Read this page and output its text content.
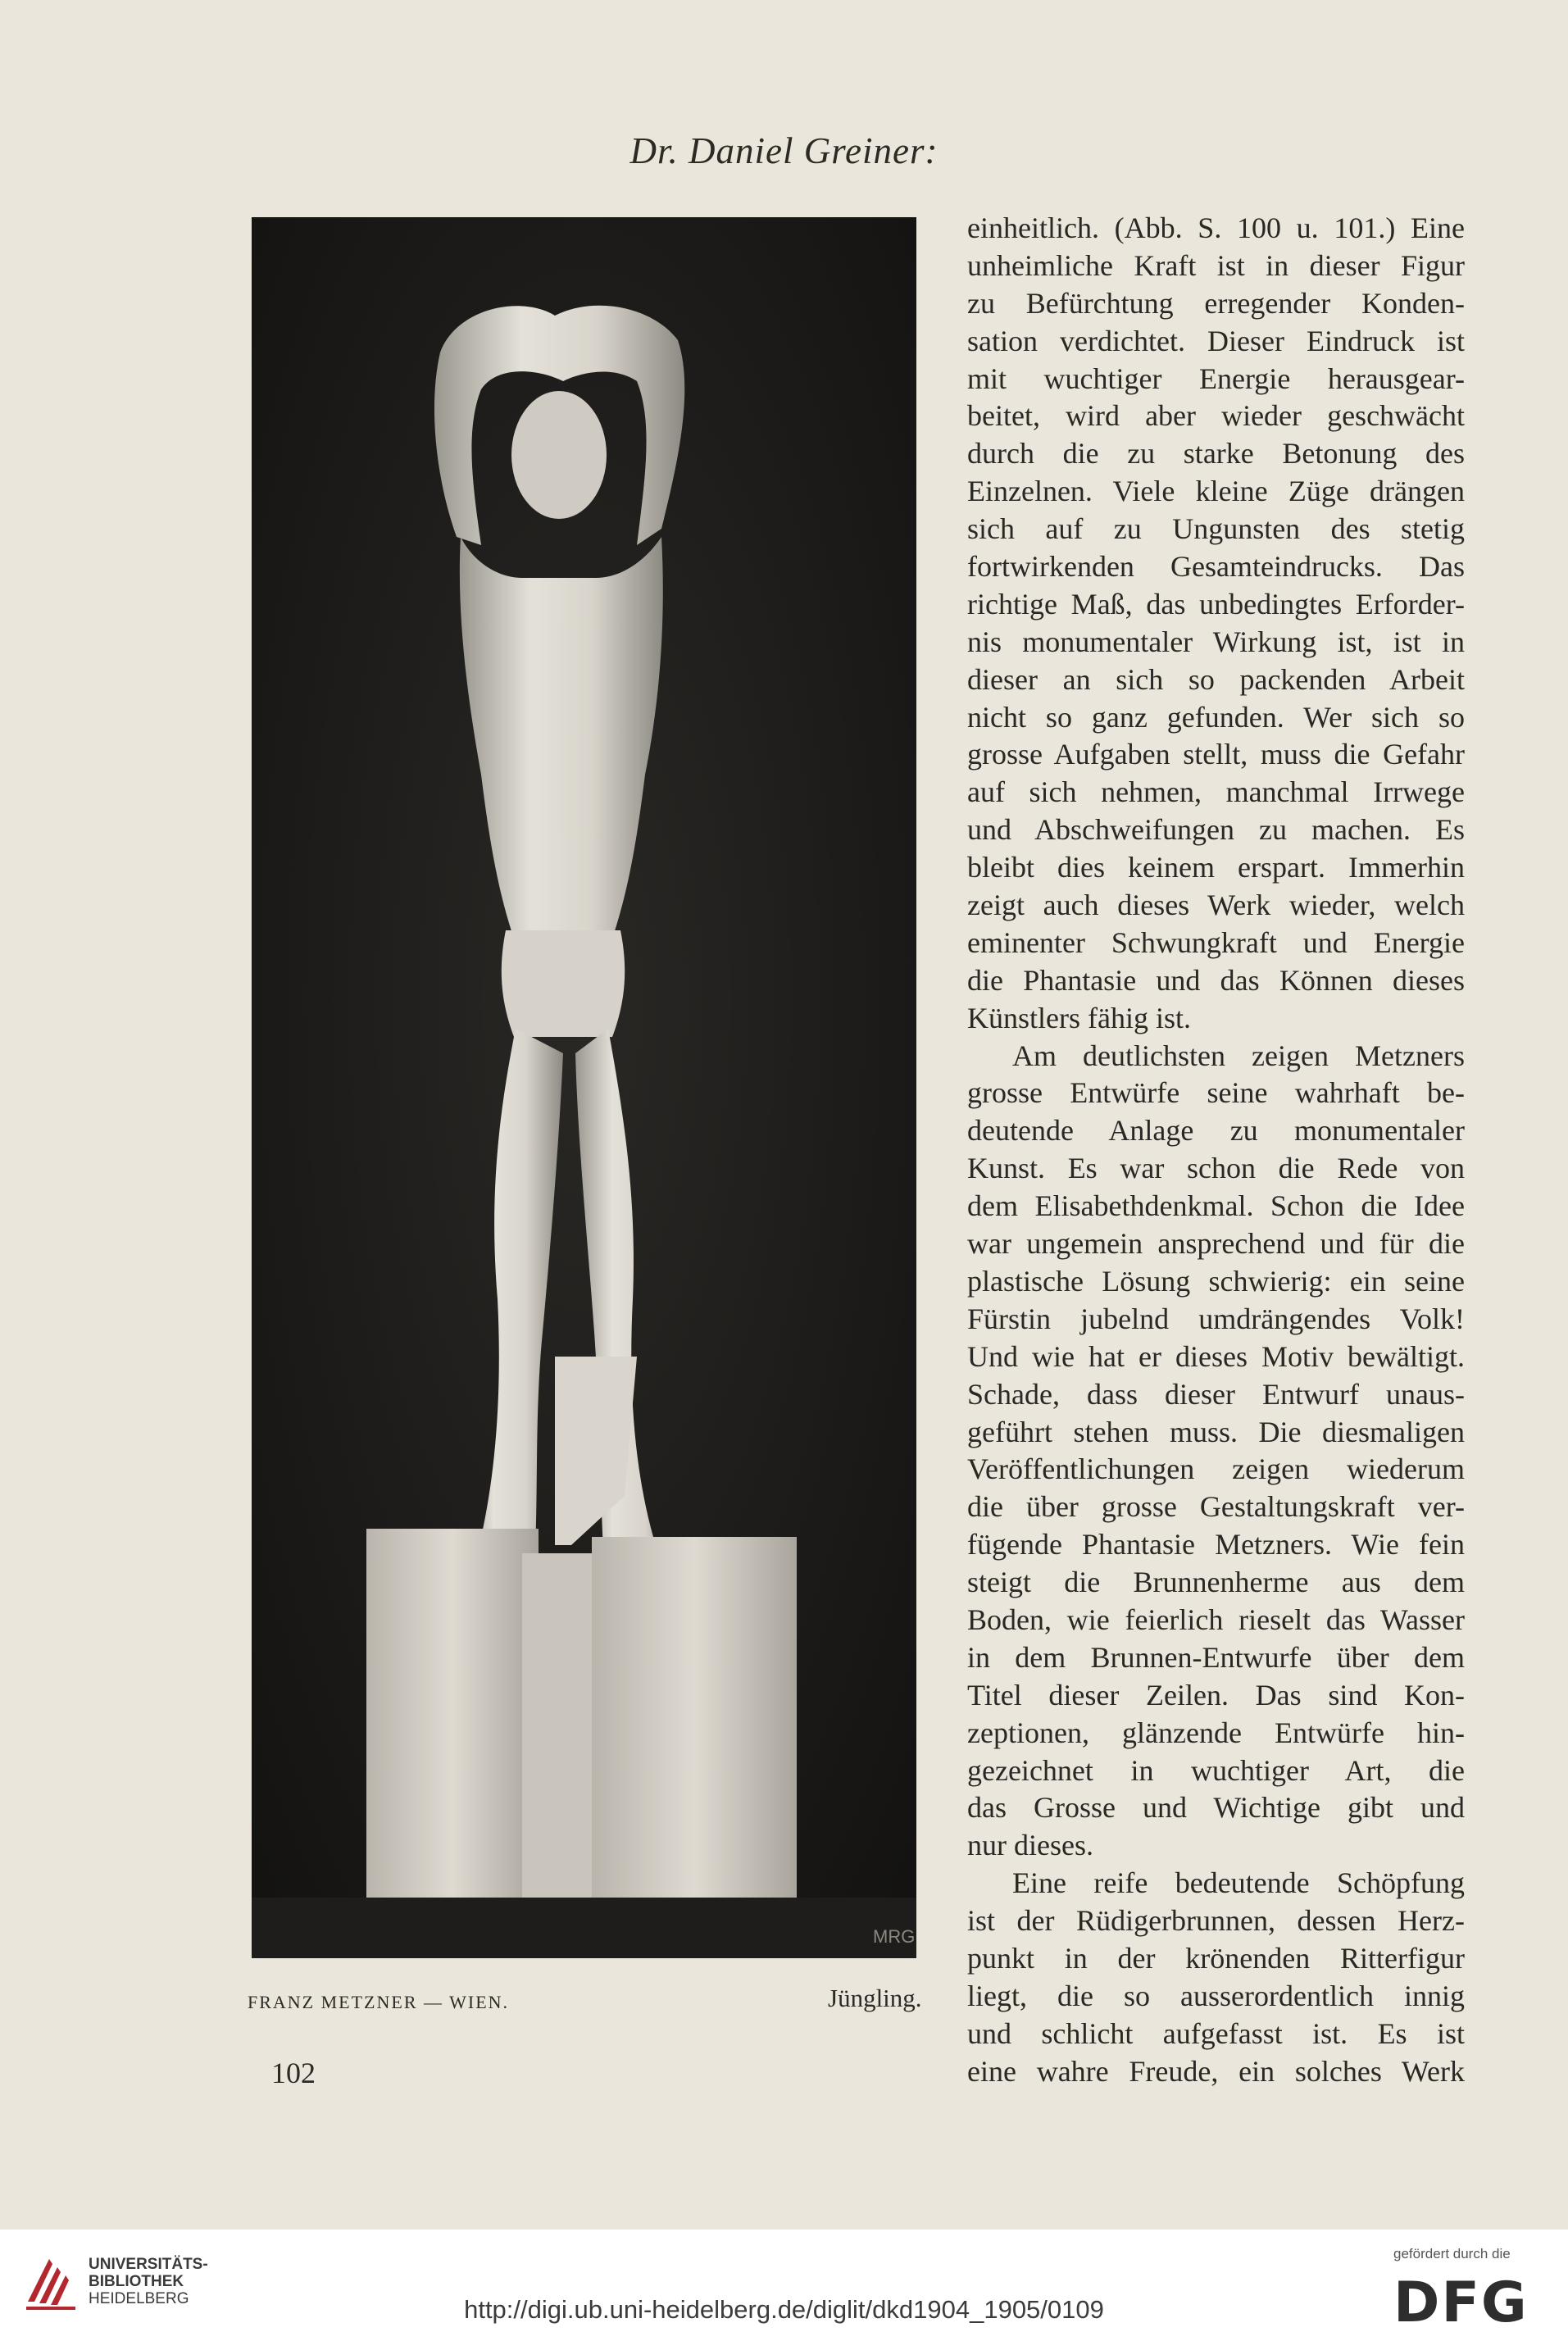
Dr. Daniel Greiner:
MRG
FRANZ METZNER — WIEN.	Jüngling.
102
einheitlich. (Abb. S. 100 u. 101.) Eine
unheimliche Kraft ist in dieser Figur
zu Befürchtung erregender Konden-
sation verdichtet. Dieser Eindruck ist
mit wuchtiger Energie herausgear-
beitet, wird aber wieder geschwächt
durch die zu starke Betonung des
Einzelnen. Viele kleine Züge drängen
sich auf zu Ungunsten des stetig
fortwirkenden Gesamteindrucks. Das
richtige Maß, das unbedingtes Erforder-
nis monumentaler Wirkung ist, ist in
dieser an sich so packenden Arbeit
nicht so ganz gefunden. Wer sich so
grosse Aufgaben stellt, muss die Gefahr
auf sich nehmen, manchmal Irrwege
und Abschweifungen zu machen. Es
bleibt dies keinem erspart. Immerhin
zeigt auch dieses Werk wieder, welch
eminenter Schwungkraft und Energie
die Phantasie und das Können dieses
Künstlers fähig ist.
Am deutlichsten zeigen Metzners
grosse Entwürfe seine wahrhaft be-
deutende Anlage zu monumentaler
Kunst. Es war schon die Rede von
dem Elisabethdenkmal. Schon die Idee
war ungemein ansprechend und für die
plastische Lösung schwierig: ein seine
Fürstin jubelnd umdrängendes Volk!
Und wie hat er dieses Motiv bewältigt.
Schade, dass dieser Entwurf unaus-
geführt stehen muss. Die diesmaligen
Veröffentlichungen zeigen wiederum
die über grosse Gestaltungskraft ver-
fügende Phantasie Metzners. Wie fein
steigt die Brunnenherme aus dem
Boden, wie feierlich rieselt das Wasser
in dem Brunnen-Entwurfe über dem
Titel dieser Zeilen. Das sind Kon-
zeptionen, glänzende Entwürfe hin-
gezeichnet in wuchtiger Art, die
das Grosse und Wichtige gibt und
nur dieses.
Eine reife bedeutende Schöpfung
ist der Rüdigerbrunnen, dessen Herz-
punkt in der krönenden Ritterfigur
liegt, die so ausserordentlich innig
und schlicht aufgefasst ist. Es ist
eine wahre Freude, ein solches Werk
UNIVERSITÄTS-
BIBLIOTHEK
HEIDELBERG	http://digi.ub.uni-heidelberg.de/diglit/dkd1904_1905/0109
gefördert durch die
DFG
